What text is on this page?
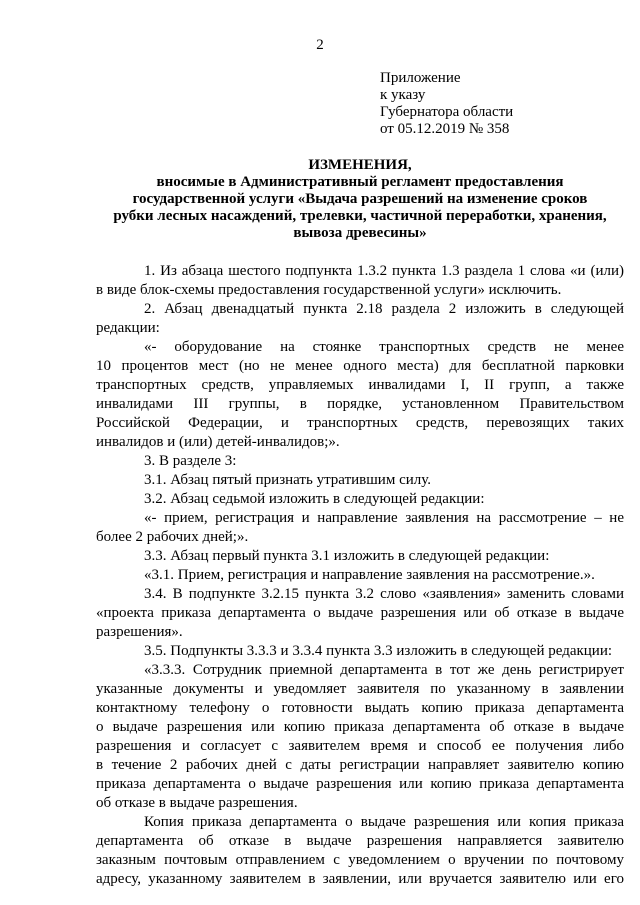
2
Приложение
к указу
Губернатора области
от 05.12.2019 № 358
ИЗМЕНЕНИЯ,
вносимые в Административный регламент предоставления
государственной услуги «Выдача разрешений на изменение сроков
рубки лесных насаждений, трелевки, частичной переработки, хранения,
вывоза древесины»
1. Из абзаца шестого подпункта 1.3.2 пункта 1.3 раздела 1 слова «и (или)
в виде блок-схемы предоставления государственной услуги» исключить.
2. Абзац двенадцатый пункта 2.18 раздела 2 изложить в следующей
редакции:
«- оборудование на стоянке транспортных средств не менее
10 процентов мест (но не менее одного места) для бесплатной парковки
транспортных средств, управляемых инвалидами I, II групп, а также
инвалидами III группы, в порядке, установленном Правительством
Российской Федерации, и транспортных средств, перевозящих таких
инвалидов и (или) детей-инвалидов;».
3. В разделе 3:
3.1. Абзац пятый признать утратившим силу.
3.2. Абзац седьмой изложить в следующей редакции:
«- прием, регистрация и направление заявления на рассмотрение – не
более 2 рабочих дней;».
3.3. Абзац первый пункта 3.1 изложить в следующей редакции:
«3.1. Прием, регистрация и направление заявления на рассмотрение.».
3.4. В подпункте 3.2.15 пункта 3.2 слово «заявления» заменить словами
«проекта приказа департамента о выдаче разрешения или об отказе в выдаче
разрешения».
3.5. Подпункты 3.3.3 и 3.3.4 пункта 3.3 изложить в следующей редакции:
«3.3.3. Сотрудник приемной департамента в тот же день регистрирует
указанные документы и уведомляет заявителя по указанному в заявлении
контактному телефону о готовности выдать копию приказа департамента
о выдаче разрешения или копию приказа департамента об отказе в выдаче
разрешения и согласует с заявителем время и способ ее получения либо
в течение 2 рабочих дней с даты регистрации направляет заявителю копию
приказа департамента о выдаче разрешения или копию приказа департамента
об отказе в выдаче разрешения.
Копия приказа департамента о выдаче разрешения или копия приказа
департамента об отказе в выдаче разрешения направляется заявителю
заказным почтовым отправлением с уведомлением о вручении по почтовому
адресу, указанному заявителем в заявлении, или вручается заявителю или его
